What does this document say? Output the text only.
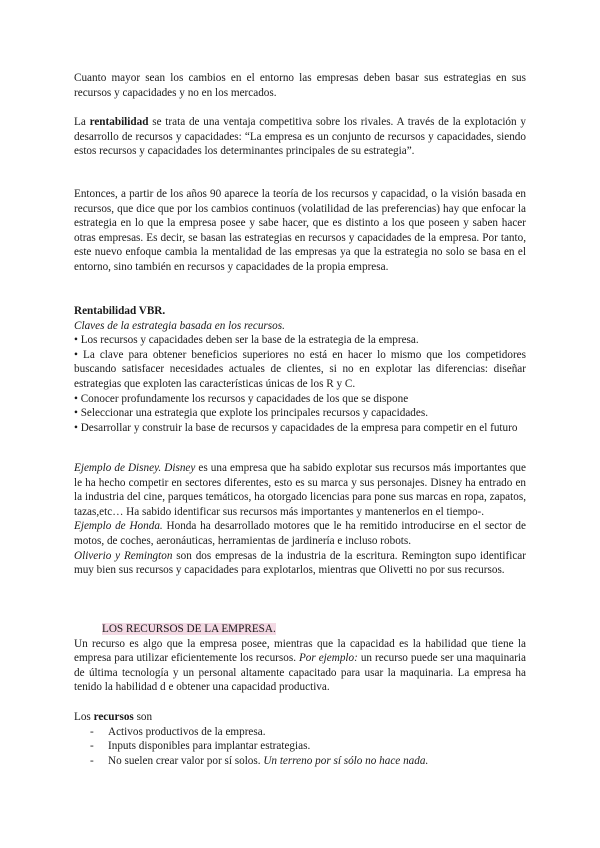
Cuanto mayor sean los cambios en el entorno las empresas deben basar sus estrategias en sus recursos y capacidades y no en los mercados.

La rentabilidad se trata de una ventaja competitiva sobre los rivales. A través de la explotación y desarrollo de recursos y capacidades: “La empresa es un conjunto de recursos y capacidades, siendo estos recursos y capacidades los determinantes principales de su estrategia”.

Entonces, a partir de los años 90 aparece la teoría de los recursos y capacidad, o la visión basada en recursos, que dice que por los cambios continuos (volatilidad de las preferencias) hay que enfocar la estrategia en lo que la empresa posee y sabe hacer, que es distinto a los que poseen y saben hacer otras empresas. Es decir, se basan las estrategias en recursos y capacidades de la empresa. Por tanto, este nuevo enfoque cambia la mentalidad de las empresas ya que la estrategia no solo se basa en el entorno, sino también en recursos y capacidades de la propia empresa.

Rentabilidad VBR.
Claves de la estrategia basada en los recursos.

• Los recursos y capacidades deben ser la base de la estrategia de la empresa.

• La clave para obtener beneficios superiores no está en hacer lo mismo que los competidores buscando satisfacer necesidades actuales de clientes, si no en explotar las diferencias: diseñar estrategias que exploten las características únicas de los R y C.

• Conocer profundamente los recursos y capacidades de los que se dispone

• Seleccionar una estrategia que explote los principales recursos y capacidades.

• Desarrollar y construir la base de recursos y capacidades de la empresa para competir en el futuro

Ejemplo de Disney. Disney es una empresa que ha sabido explotar sus recursos más importantes que le ha hecho competir en sectores diferentes, esto es su marca y sus personajes. Disney ha entrado en la industria del cine, parques temáticos, ha otorgado licencias para pone sus marcas en ropa, zapatos, tazas,etc… Ha sabido identificar sus recursos más importantes y mantenerlos en el tiempo-.

Ejemplo de Honda. Honda ha desarrollado motores que le ha remitido introducirse en el sector de motos, de coches, aeronáuticas, herramientas de jardinería e incluso robots.

Oliverio y Remington son dos empresas de la industria de la escritura. Remington supo identificar muy bien sus recursos y capacidades para explotarlos, mientras que Olivetti no por sus recursos.

LOS RECURSOS DE LA EMPRESA.

Un recurso es algo que la empresa posee, mientras que la capacidad es la habilidad que tiene la empresa para utilizar eficientemente los recursos. Por ejemplo: un recurso puede ser una maquinaria de última tecnología y un personal altamente capacitado para usar la maquinaria. La empresa ha tenido la habilidad d e obtener una capacidad productiva.

Los recursos son
- Activos productivos de la empresa.
- Inputs disponibles para implantar estrategias.
- No suelen crear valor por sí solos. Un terreno por sí sólo no hace nada.
